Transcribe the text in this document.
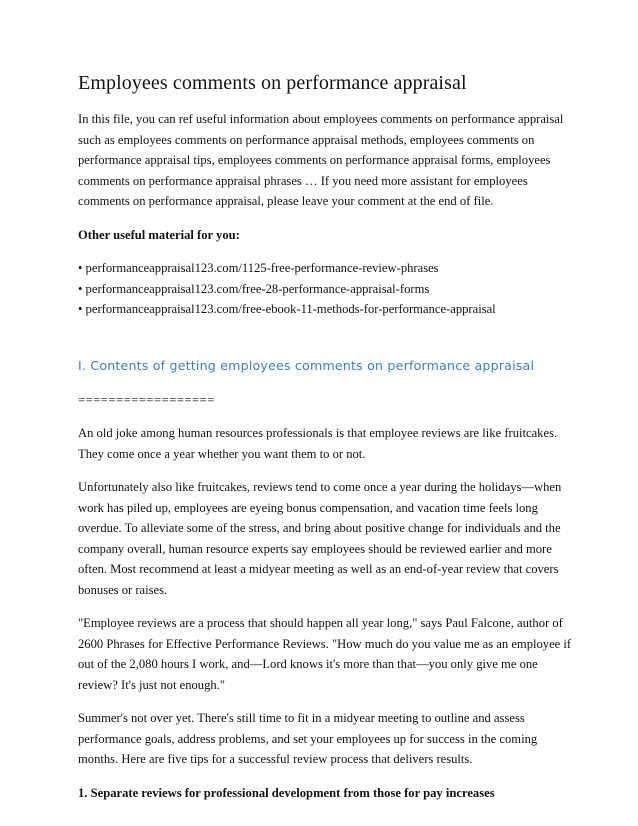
Employees comments on performance appraisal

In this file, you can ref useful information about employees comments on performance appraisal such as employees comments on performance appraisal methods, employees comments on performance appraisal tips, employees comments on performance appraisal forms, employees comments on performance appraisal phrases … If you need more assistant for employees comments on performance appraisal, please leave your comment at the end of file.

Other useful material for you:

• performanceappraisal123.com/1125-free-performance-review-phrases
• performanceappraisal123.com/free-28-performance-appraisal-forms
• performanceappraisal123.com/free-ebook-11-methods-for-performance-appraisal
I. Contents of getting employees comments on performance appraisal

==================

An old joke among human resources professionals is that employee reviews are like fruitcakes. They come once a year whether you want them to or not.

Unfortunately also like fruitcakes, reviews tend to come once a year during the holidays—when work has piled up, employees are eyeing bonus compensation, and vacation time feels long overdue. To alleviate some of the stress, and bring about positive change for individuals and the company overall, human resource experts say employees should be reviewed earlier and more often. Most recommend at least a midyear meeting as well as an end-of-year review that covers bonuses or raises.

"Employee reviews are a process that should happen all year long," says Paul Falcone, author of 2600 Phrases for Effective Performance Reviews. "How much do you value me as an employee if out of the 2,080 hours I work, and—Lord knows it's more than that—you only give me one review? It's just not enough."

Summer's not over yet. There's still time to fit in a midyear meeting to outline and assess performance goals, address problems, and set your employees up for success in the coming months. Here are five tips for a successful review process that delivers results.

1. Separate reviews for professional development from those for pay increases
